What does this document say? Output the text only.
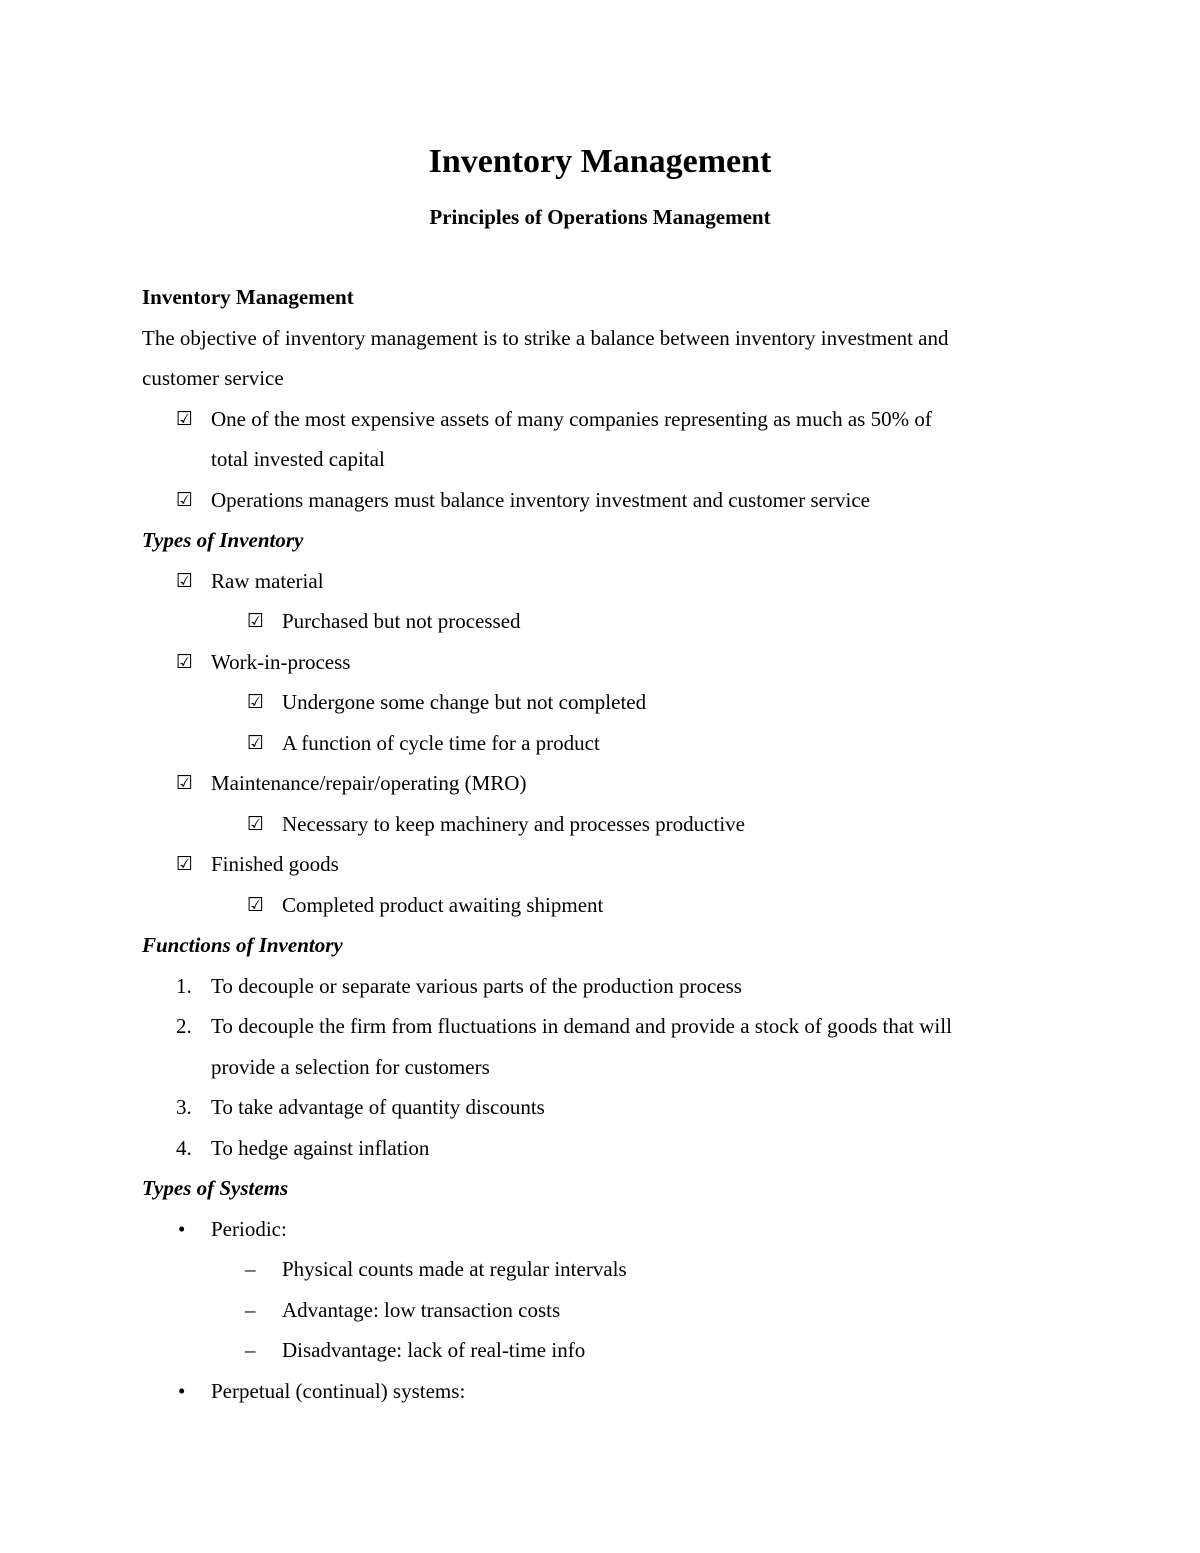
Inventory Management
Principles of Operations Management
Inventory Management
The objective of inventory management is to strike a balance between inventory investment and
customer service
☑ One of the most expensive assets of many companies representing as much as 50% of
total invested capital
☑ Operations managers must balance inventory investment and customer service
Types of Inventory
☑ Raw material
☑ Purchased but not processed
☑ Work-in-process
☑ Undergone some change but not completed
☑ A function of cycle time for a product
☑ Maintenance/repair/operating (MRO)
☑ Necessary to keep machinery and processes productive
☑ Finished goods
☑ Completed product awaiting shipment
Functions of Inventory
1. To decouple or separate various parts of the production process
2. To decouple the firm from fluctuations in demand and provide a stock of goods that will
provide a selection for customers
3. To take advantage of quantity discounts
4. To hedge against inflation
Types of Systems
• Periodic:
– Physical counts made at regular intervals
– Advantage: low transaction costs
– Disadvantage: lack of real-time info
• Perpetual (continual) systems:
